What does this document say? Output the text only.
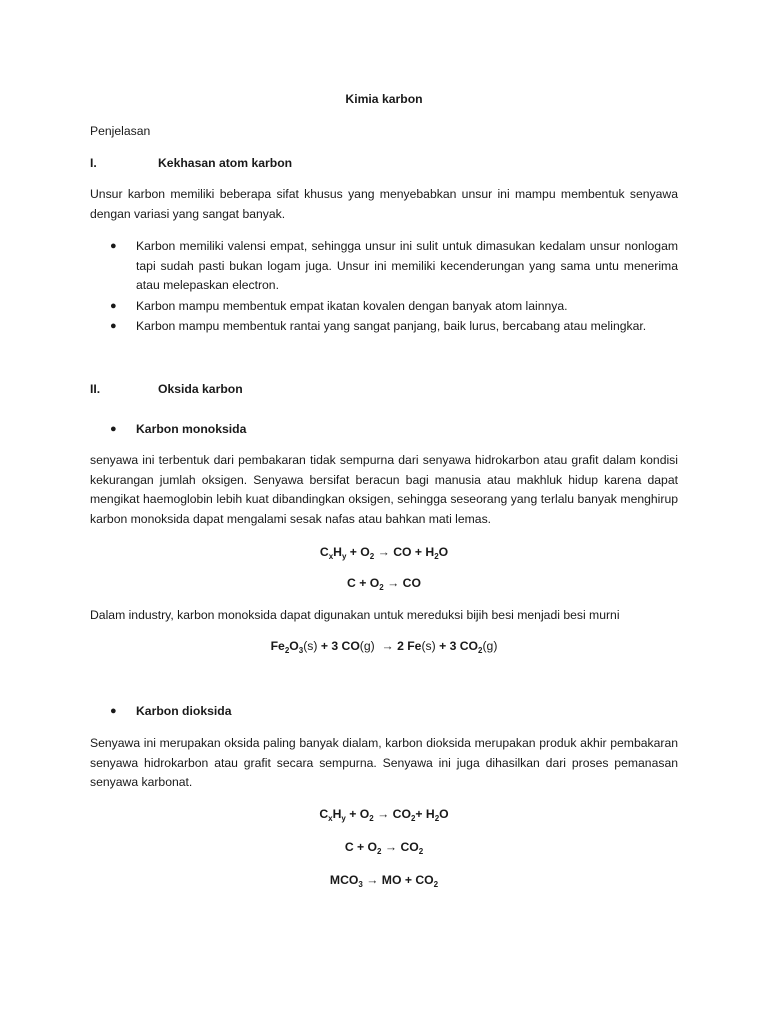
Kimia karbon
Penjelasan
I.	Kekhasan atom karbon
Unsur karbon memiliki beberapa sifat khusus yang menyebabkan unsur ini mampu membentuk senyawa dengan variasi yang sangat banyak.
● Karbon memiliki valensi empat, sehingga unsur ini sulit untuk dimasukan kedalam unsur nonlogam tapi sudah pasti bukan logam juga. Unsur ini memiliki kecenderungan yang sama untu menerima atau melepaskan electron.
● Karbon mampu membentuk empat ikatan kovalen dengan banyak atom lainnya.
● Karbon mampu membentuk rantai yang sangat panjang, baik lurus, bercabang atau melingkar.
II.	Oksida karbon
● Karbon monoksida
senyawa ini terbentuk dari pembakaran tidak sempurna dari senyawa hidrokarbon atau grafit dalam kondisi kekurangan jumlah oksigen. Senyawa bersifat beracun bagi manusia atau makhluk hidup karena dapat mengikat haemoglobin lebih kuat dibandingkan oksigen, sehingga seseorang yang terlalu banyak menghirup karbon monoksida dapat mengalami sesak nafas atau bahkan mati lemas.
$C_xH_y + O_2$ → CO + $H_2O$
$C + O_2$ → CO
Dalam industry, karbon monoksida dapat digunakan untuk mereduksi bijih besi menjadi besi murni
$Fe_2O_3(s) + 3$ CO(g) → 2 Fe(s) + 3 $CO_2(g)$
● Karbon dioksida
Senyawa ini merupakan oksida paling banyak dialam, karbon dioksida merupakan produk akhir pembakaran senyawa hidrokarbon atau grafit secara sempurna. Senyawa ini juga dihasilkan dari proses pemanasan senyawa karbonat.
$C_xH_y + O_2 \to CO_2+ H_2O$
$C + O_2 \to CO_2$
$MCO_3$ → MO + $CO_2$
